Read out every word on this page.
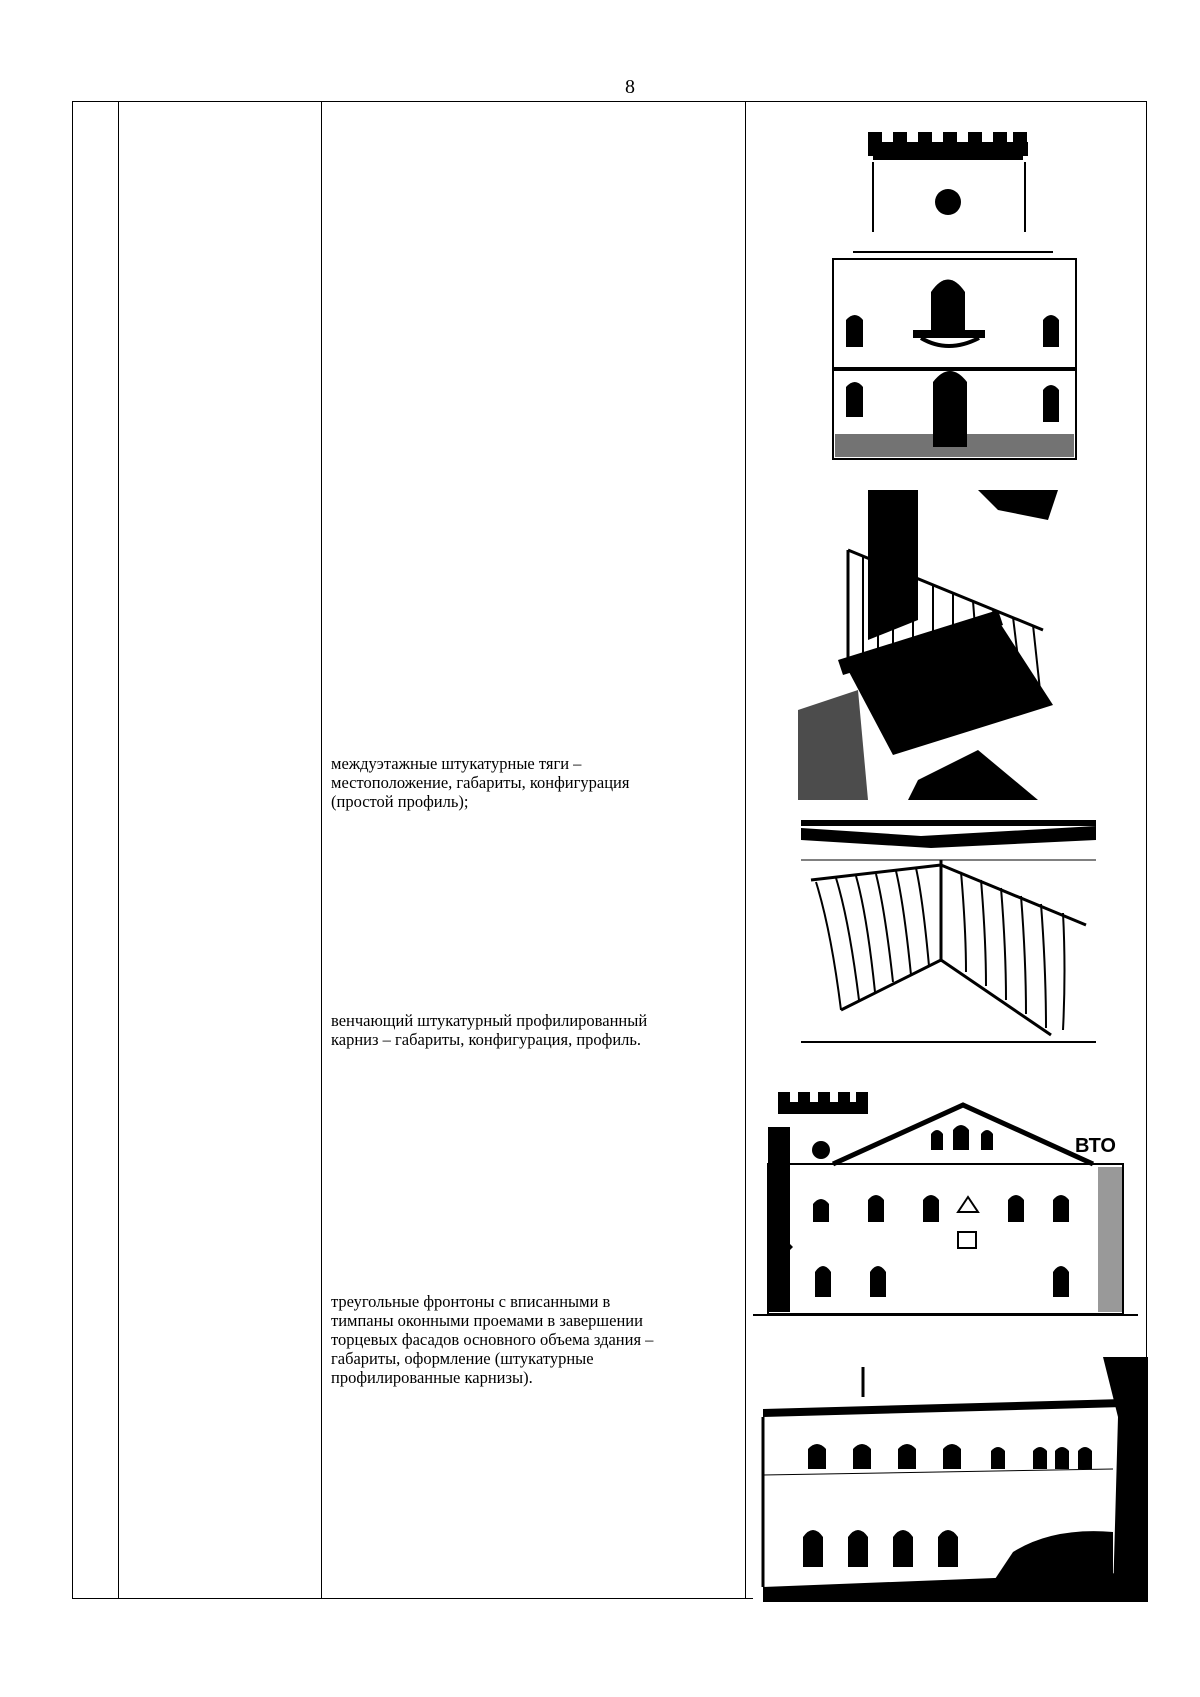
8
междуэтажные штукатурные тяги –
местоположение, габариты, конфигурация
(простой профиль);
венчающий штукатурный профилированный
карниз – габариты, конфигурация, профиль.
треугольные фронтоны с вписанными в
тимпаны оконными проемами в завершении
торцевых фасадов основного объема здания –
габариты, оформление (штукатурные
профилированные карнизы).
ВТО
